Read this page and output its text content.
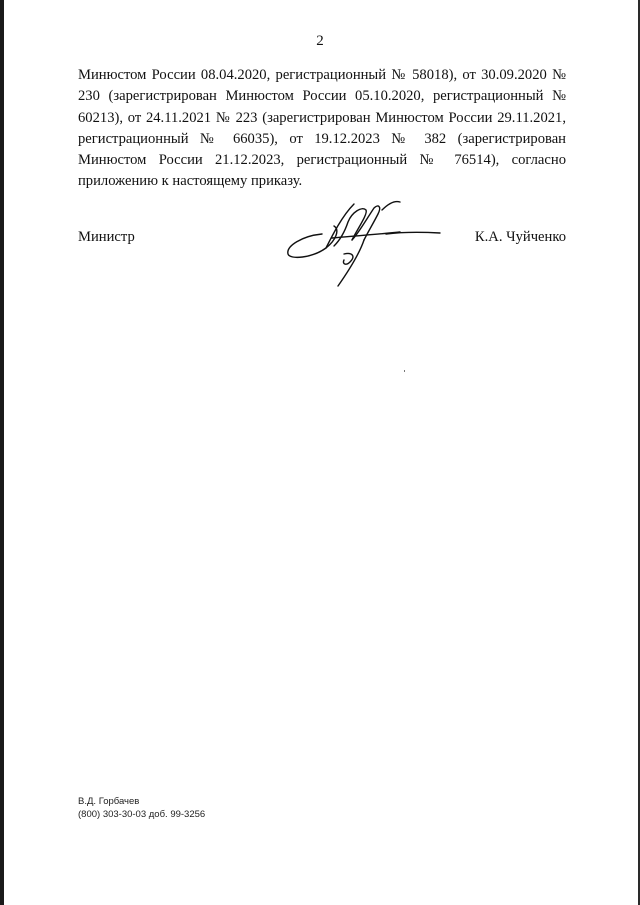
2

Минюстом России 08.04.2020, регистрационный № 58018), от 30.09.2020 № 230 (зарегистрирован Минюстом России 05.10.2020, регистрационный № 60213), от 24.11.2021 № 223 (зарегистрирован Минюстом России 29.11.2021, регистрационный № 66035), от 19.12.2023 № 382 (зарегистрирован Минюстом России 21.12.2023, регистрационный № 76514), согласно приложению к настоящему приказу.

Министр	К.А. Чуйченко
В.Д. Горбачев
(800) 303-30-03 доб. 99-3256
